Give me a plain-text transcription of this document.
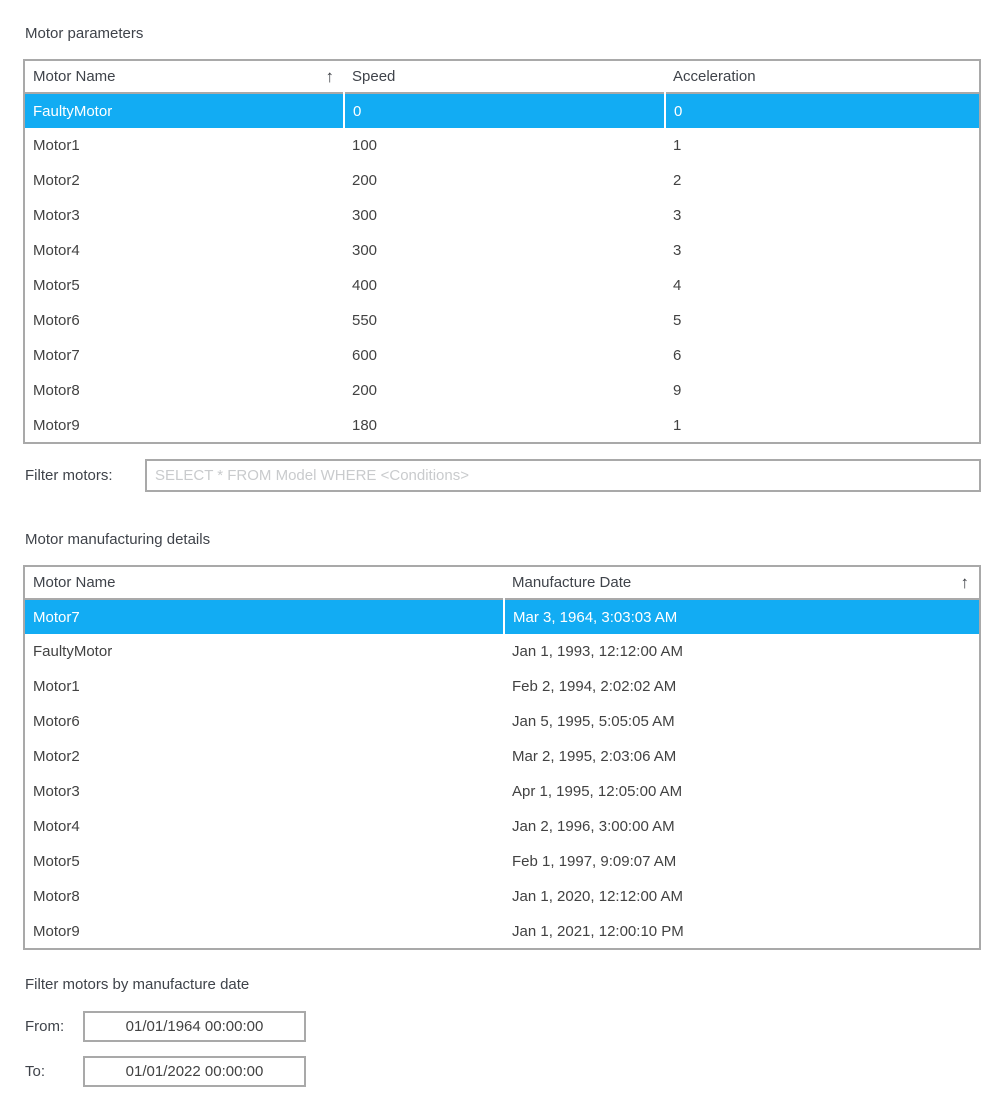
Motor parameters
Motor Name ↑	Speed	Acceleration

FaultyMotor	0	0
Motor1	100	1
Motor2	200	2
Motor3	300	3
Motor4	300	3
Motor5	400	4
Motor6	550	5
Motor7	600	6
Motor8	200	9
Motor9	180	1
Filter motors:
SELECT * FROM Model WHERE <Conditions>
Motor manufacturing details
Motor Name	Manufacture Date ↑

Motor7	Mar 3, 1964, 3:03:03 AM
FaultyMotor	Jan 1, 1993, 12:12:00 AM
Motor1	Feb 2, 1994, 2:02:02 AM
Motor6	Jan 5, 1995, 5:05:05 AM
Motor2	Mar 2, 1995, 2:03:06 AM
Motor3	Apr 1, 1995, 12:05:00 AM
Motor4	Jan 2, 1996, 3:00:00 AM
Motor5	Feb 1, 1997, 9:09:07 AM
Motor8	Jan 1, 2020, 12:12:00 AM
Motor9	Jan 1, 2021, 12:00:10 PM
Filter motors by manufacture date
From:
01/01/1964 00:00:00
To:
01/01/2022 00:00:00
